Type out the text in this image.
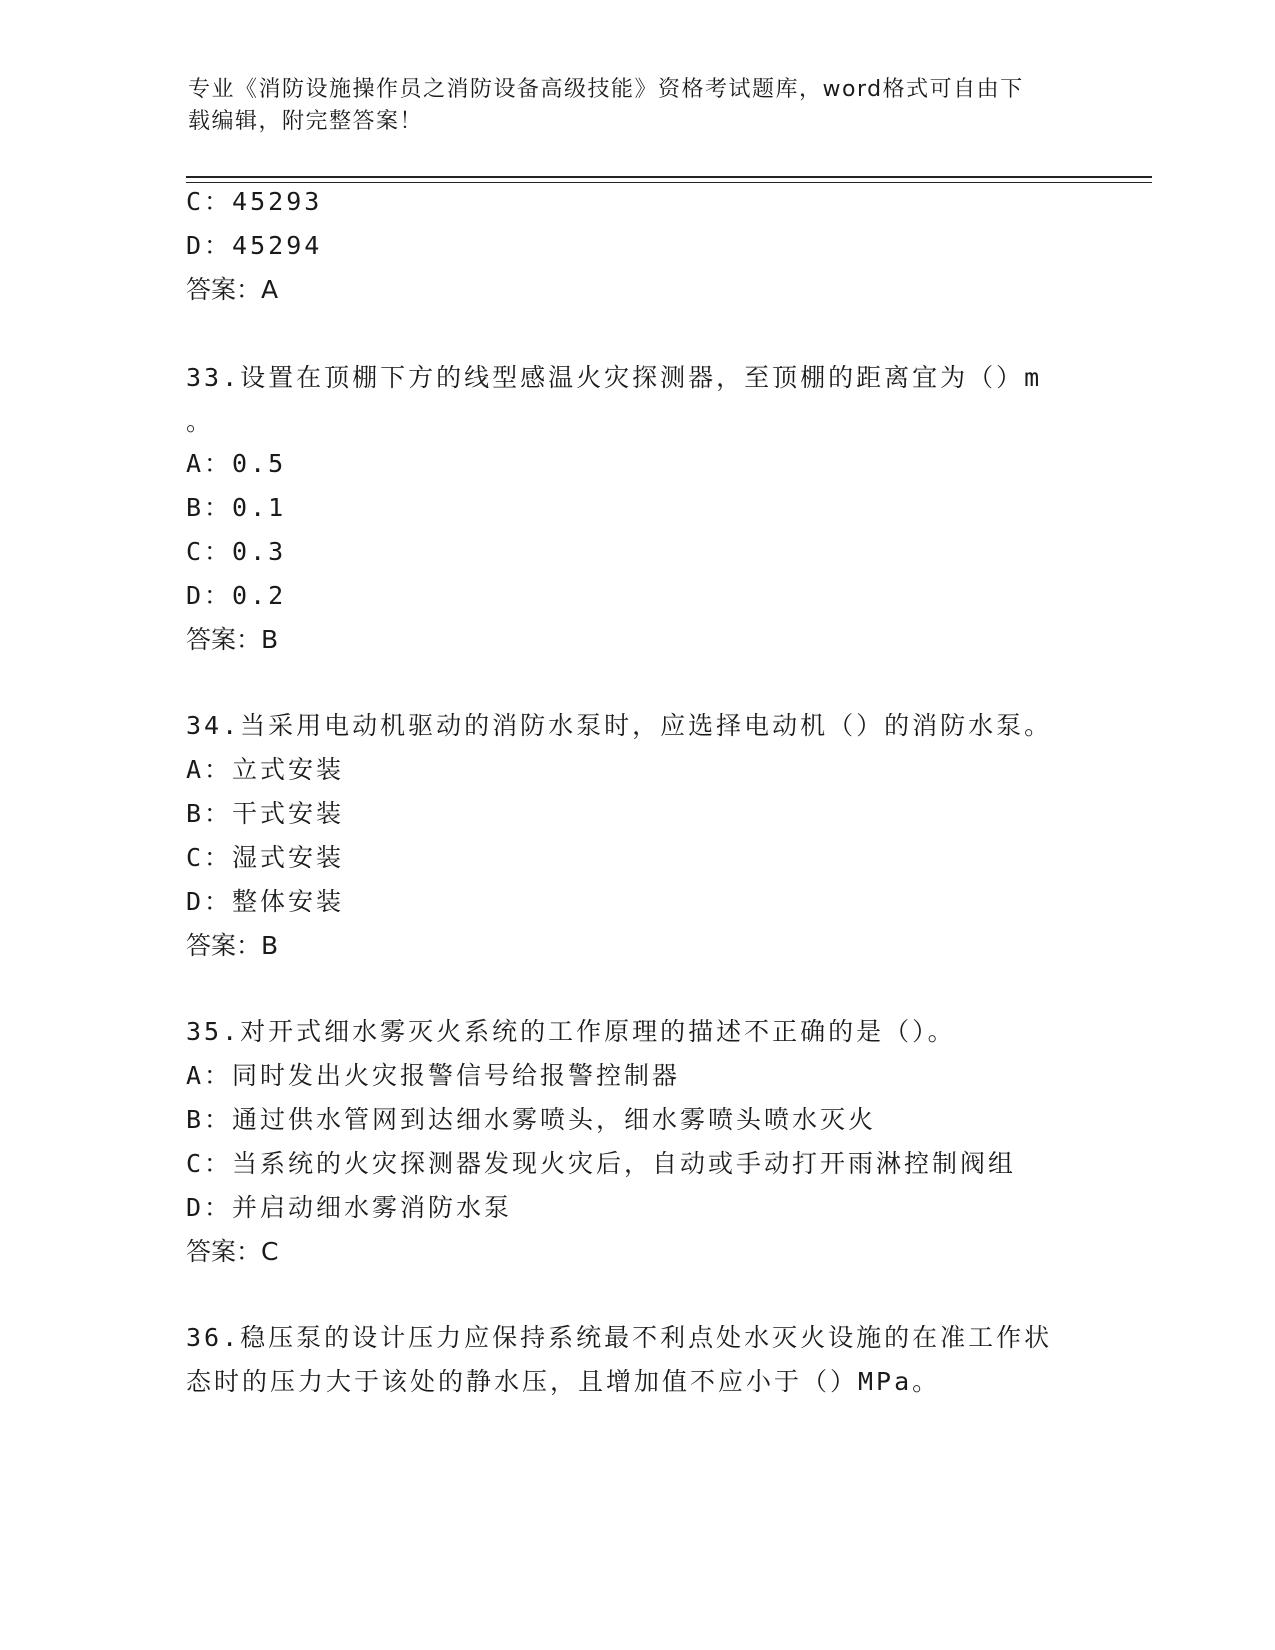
专业《消防设施操作员之消防设备高级技能》资格考试题库，word格式可自由下
载编辑，附完整答案！
C：45293
D：45294
答案：A
33.设置在顶棚下方的线型感温火灾探测器，至顶棚的距离宜为（）m
。
A：0.5
B：0.1
C：0.3
D：0.2
答案：B
34.当采用电动机驱动的消防水泵时，应选择电动机（）的消防水泵。
A：立式安装
B：干式安装
C：湿式安装
D：整体安装
答案：B
35.对开式细水雾灭火系统的工作原理的描述不正确的是（）。
A：同时发出火灾报警信号给报警控制器
B：通过供水管网到达细水雾喷头，细水雾喷头喷水灭火
C：当系统的火灾探测器发现火灾后，自动或手动打开雨淋控制阀组
D：并启动细水雾消防水泵
答案：C
36.稳压泵的设计压力应保持系统最不利点处水灭火设施的在准工作状
态时的压力大于该处的静水压，且增加值不应小于（）MPa。
